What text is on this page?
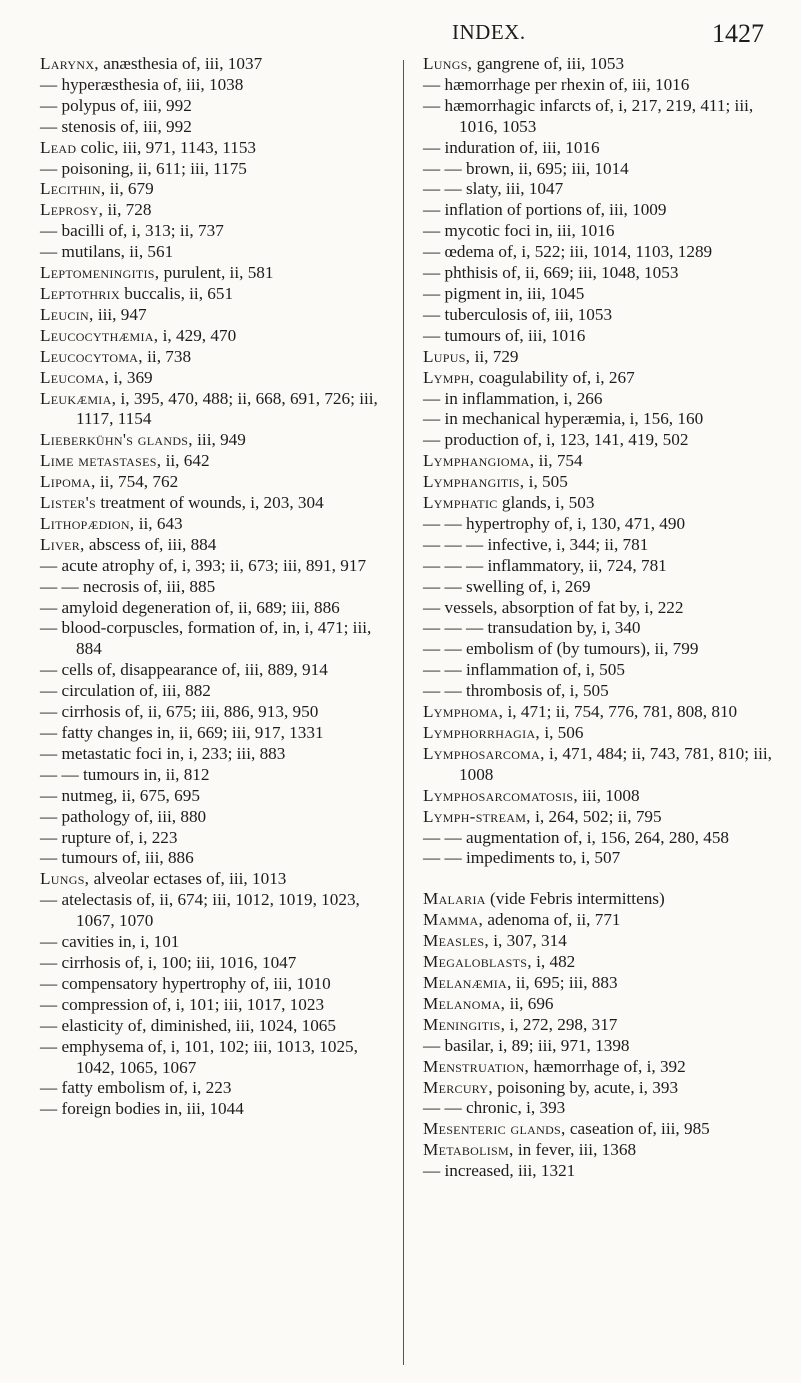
INDEX.	1427

Larynx, anæsthesia of, iii, 1037

— hyperæsthesia of, iii, 1038

— polypus of, iii, 992

— stenosis of, iii, 992

Lead colic, iii, 971, 1143, 1153

— poisoning, ii, 611; iii, 1175

Lecithin, ii, 679

Leprosy, ii, 728

— bacilli of, i, 313; ii, 737

— mutilans, ii, 561

Leptomeningitis, purulent, ii, 581

Leptothrix buccalis, ii, 651

Leucin, iii, 947

Leucocythæmia, i, 429, 470

Leucocytoma, ii, 738

Leucoma, i, 369

Leukæmia, i, 395, 470, 488; ii, 668, 691, 726; iii, 1117, 1154

Lieberkühn's glands, iii, 949

Lime metastases, ii, 642

Lipoma, ii, 754, 762

Lister's treatment of wounds, i, 203, 304

Lithopædion, ii, 643

Liver, abscess of, iii, 884

— acute atrophy of, i, 393; ii, 673; iii, 891, 917

— — necrosis of, iii, 885

— amyloid degeneration of, ii, 689; iii, 886

— blood-corpuscles, formation of, in, i, 471; iii, 884

— cells of, disappearance of, iii, 889, 914

— circulation of, iii, 882

— cirrhosis of, ii, 675; iii, 886, 913, 950

— fatty changes in, ii, 669; iii, 917, 1331

— metastatic foci in, i, 233; iii, 883

— — tumours in, ii, 812

— nutmeg, ii, 675, 695

— pathology of, iii, 880

— rupture of, i, 223

— tumours of, iii, 886

Lungs, alveolar ectases of, iii, 1013

— atelectasis of, ii, 674; iii, 1012, 1019, 1023, 1067, 1070

— cavities in, i, 101

— cirrhosis of, i, 100; iii, 1016, 1047

— compensatory hypertrophy of, iii, 1010

— compression of, i, 101; iii, 1017, 1023

— elasticity of, diminished, iii, 1024, 1065

— emphysema of, i, 101, 102; iii, 1013, 1025, 1042, 1065, 1067

— fatty embolism of, i, 223

— foreign bodies in, iii, 1044

Lungs, gangrene of, iii, 1053

— hæmorrhage per rhexin of, iii, 1016

— hæmorrhagic infarcts of, i, 217, 219, 411; iii, 1016, 1053

— induration of, iii, 1016

— — brown, ii, 695; iii, 1014

— — slaty, iii, 1047

— inflation of portions of, iii, 1009

— mycotic foci in, iii, 1016

— œdema of, i, 522; iii, 1014, 1103, 1289

— phthisis of, ii, 669; iii, 1048, 1053

— pigment in, iii, 1045

— tuberculosis of, iii, 1053

— tumours of, iii, 1016

Lupus, ii, 729

Lymph, coagulability of, i, 267

— in inflammation, i, 266

— in mechanical hyperæmia, i, 156, 160

— production of, i, 123, 141, 419, 502

Lymphangioma, ii, 754

Lymphangitis, i, 505

Lymphatic glands, i, 503

— — hypertrophy of, i, 130, 471, 490

— — — infective, i, 344; ii, 781

— — — inflammatory, ii, 724, 781

— — swelling of, i, 269

— vessels, absorption of fat by, i, 222

— — — transudation by, i, 340

— — embolism of (by tumours), ii, 799

— — inflammation of, i, 505

— — thrombosis of, i, 505

Lymphoma, i, 471; ii, 754, 776, 781, 808, 810

Lymphorrhagia, i, 506

Lymphosarcoma, i, 471, 484; ii, 743, 781, 810; iii, 1008

Lymphosarcomatosis, iii, 1008

Lymph-stream, i, 264, 502; ii, 795

— — augmentation of, i, 156, 264, 280, 458

— — impediments to, i, 507

Malaria (vide Febris intermittens)

Mamma, adenoma of, ii, 771

Measles, i, 307, 314

Megaloblasts, i, 482

Melanæmia, ii, 695; iii, 883

Melanoma, ii, 696

Meningitis, i, 272, 298, 317

— basilar, i, 89; iii, 971, 1398

Menstruation, hæmorrhage of, i, 392

Mercury, poisoning by, acute, i, 393

— — chronic, i, 393

Mesenteric glands, caseation of, iii, 985

Metabolism, in fever, iii, 1368

— increased, iii, 1321
